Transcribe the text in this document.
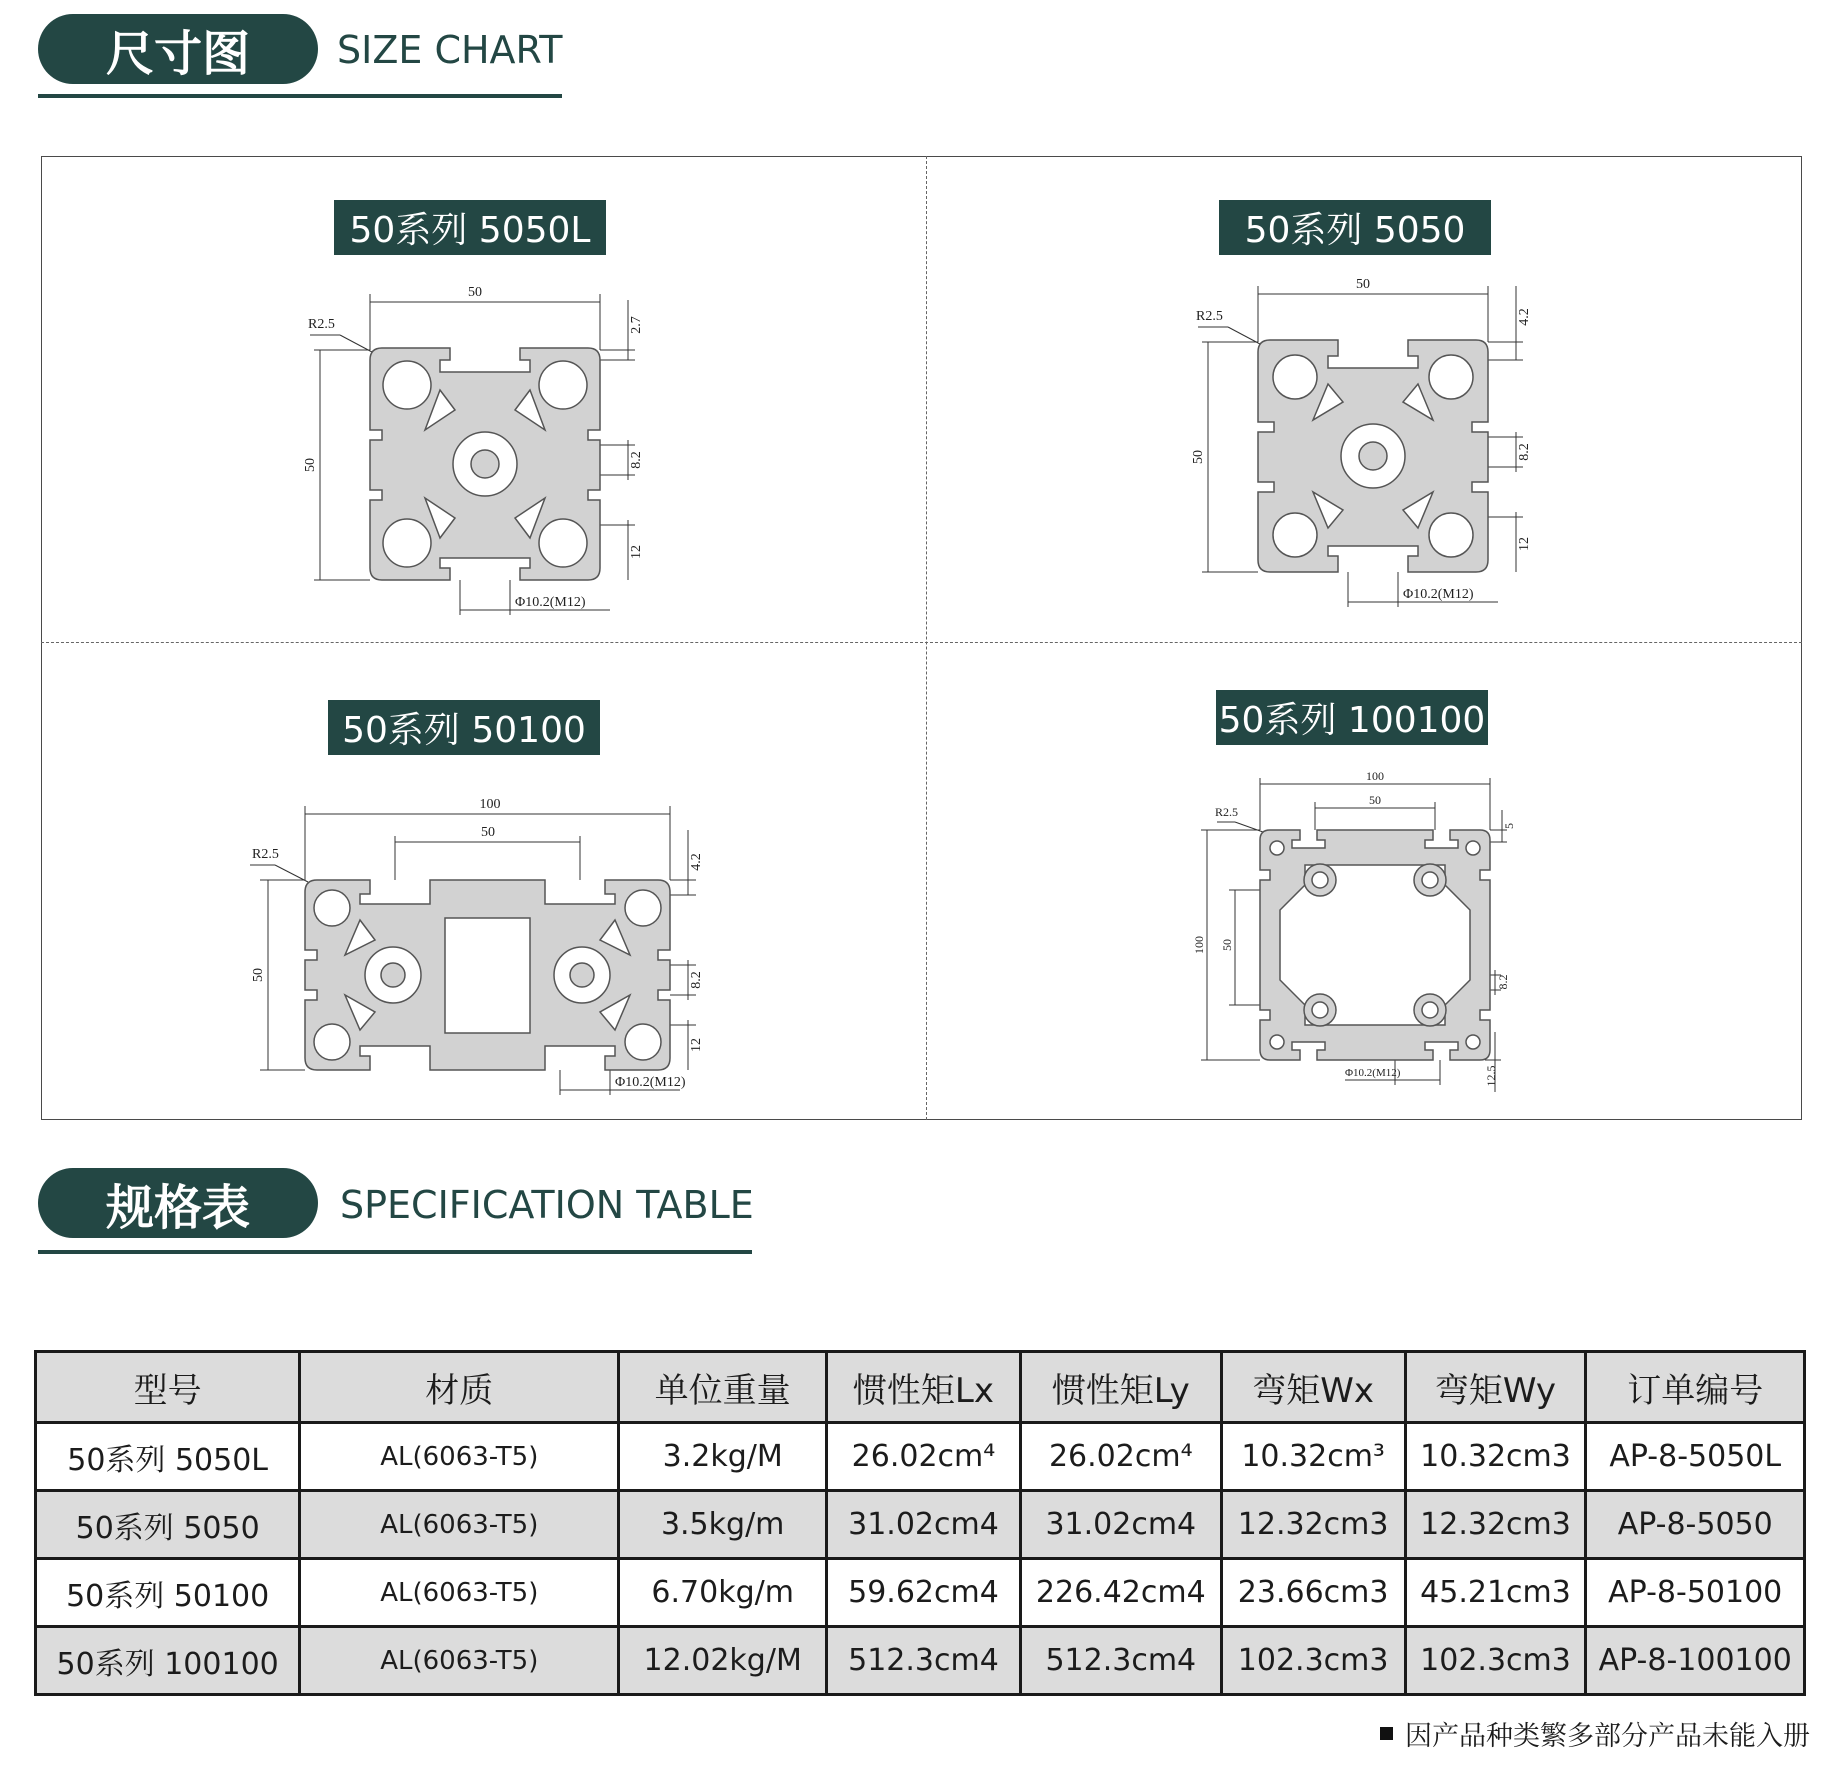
尺寸图 SIZE CHART
50系列 5050L	50系列 5050
50系列 50100	50系列 100100
50
2.7
R2.5
50	8.2
12
Φ10.2(M12)
50
4.2
R2.5
50	8.2
12
Φ10.2(M12)
100
50
4.2
R2.5
8.2
50
12
Φ10.2(M12)
100
50
5
R2.5
100 50
8.2
12.5
Φ10.2(M12)
规格表 SPECIFICATION TABLE
型号	材质	单位重量	惯性矩Lx	惯性矩Ly	弯矩Wx	弯矩Wy	订单编号
50系列 5050L	AL(6063-T5)	3.2kg/M	26.02cm⁴	26.02cm⁴	10.32cm³	10.32cm3	AP-8-5050L
50系列 5050	AL(6063-T5)	3.5kg/m	31.02cm4	31.02cm4	12.32cm3	12.32cm3	AP-8-5050
50系列 50100	AL(6063-T5)	6.70kg/m	59.62cm4	226.42cm4	23.66cm3	45.21cm3	AP-8-50100
50系列 100100	AL(6063-T5)	12.02kg/M	512.3cm4	512.3cm4	102.3cm3	102.3cm3	AP-8-100100
因产品种类繁多部分产品未能入册
